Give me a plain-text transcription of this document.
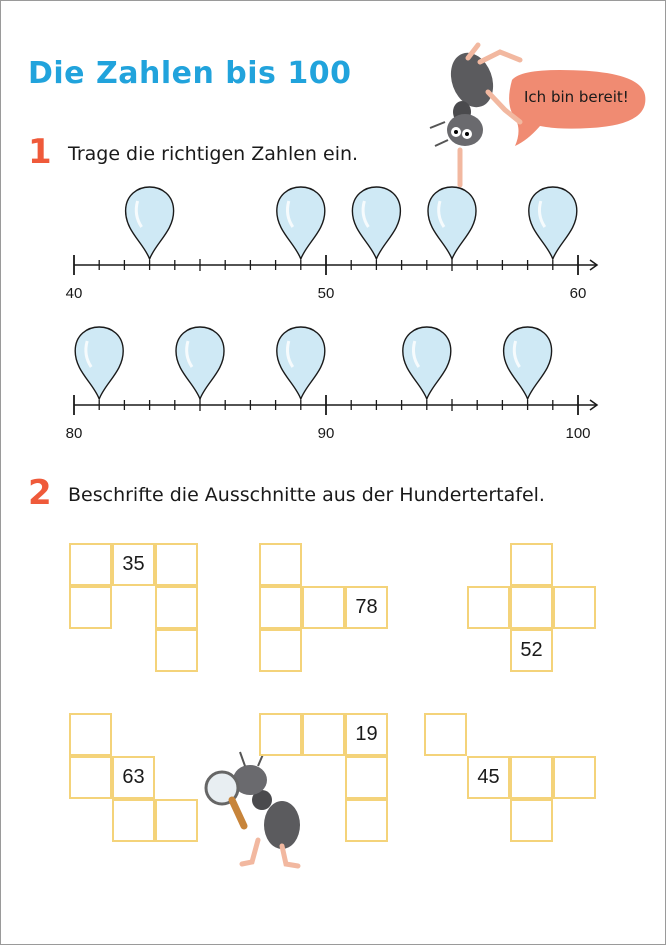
Die Zahlen bis 100
Ich bin bereit!
1 Trage die richtigen Zahlen ein.
2 Beschrifte die Ausschnitte aus der Hundertertafel.
40	50	60
80	90	100
35
78
52
63
19
45
